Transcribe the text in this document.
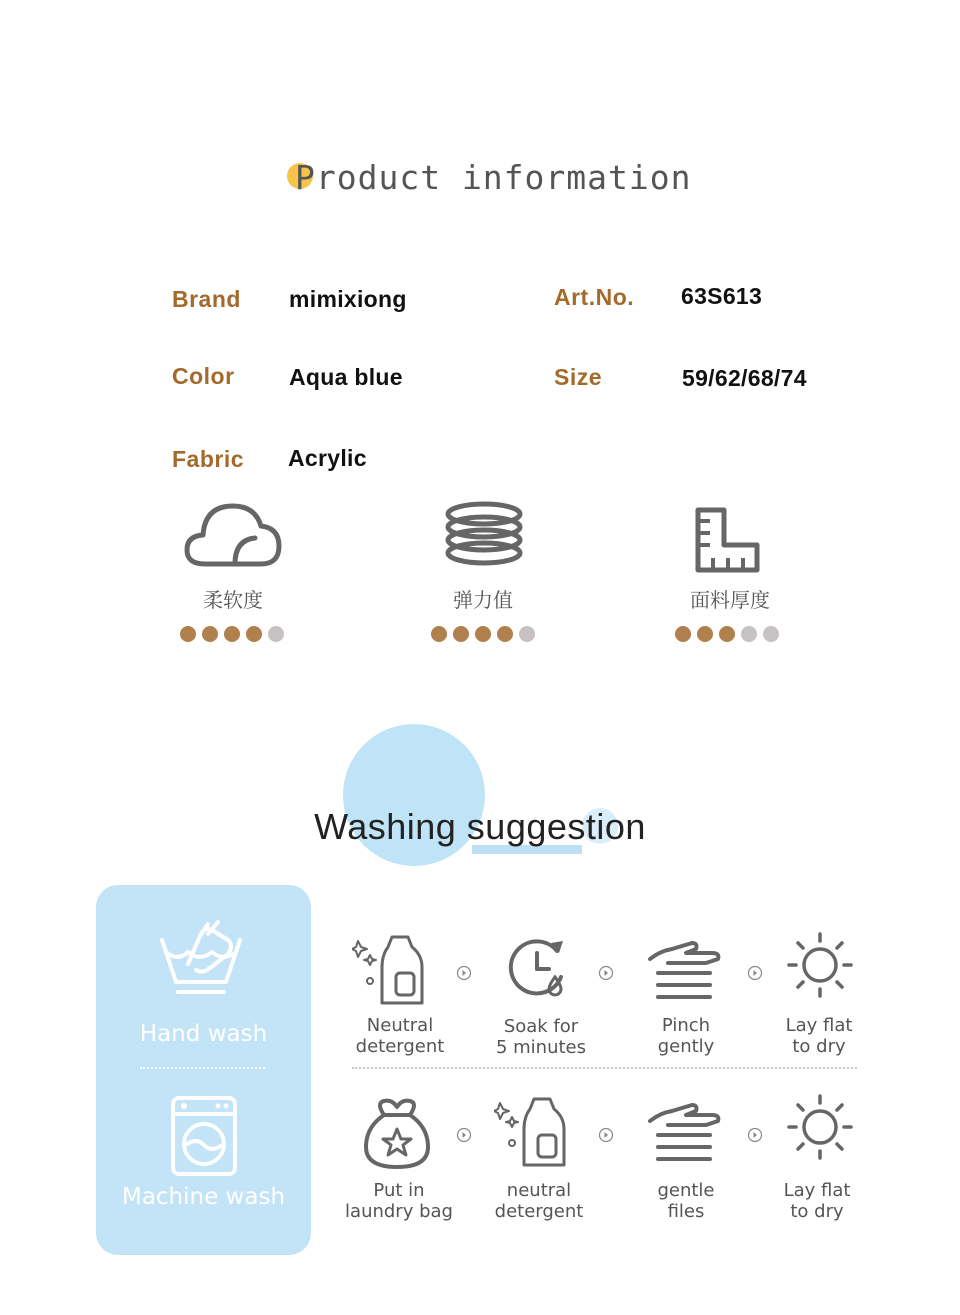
Product information
Brand mimixiong	Art.No. 63S613
Color Aqua blue	Size	59/62/68/74
Fabric Acrylic
柔软度	弹力值	面料厚度
Washing suggestion
Hand wash
Machine wash
Neutral
detergent
Soak for
5 minutes
Pinch
gently
Lay flat
to dry
Put in
laundry bag
neutral
detergent
gentle
files
Lay flat
to dry
